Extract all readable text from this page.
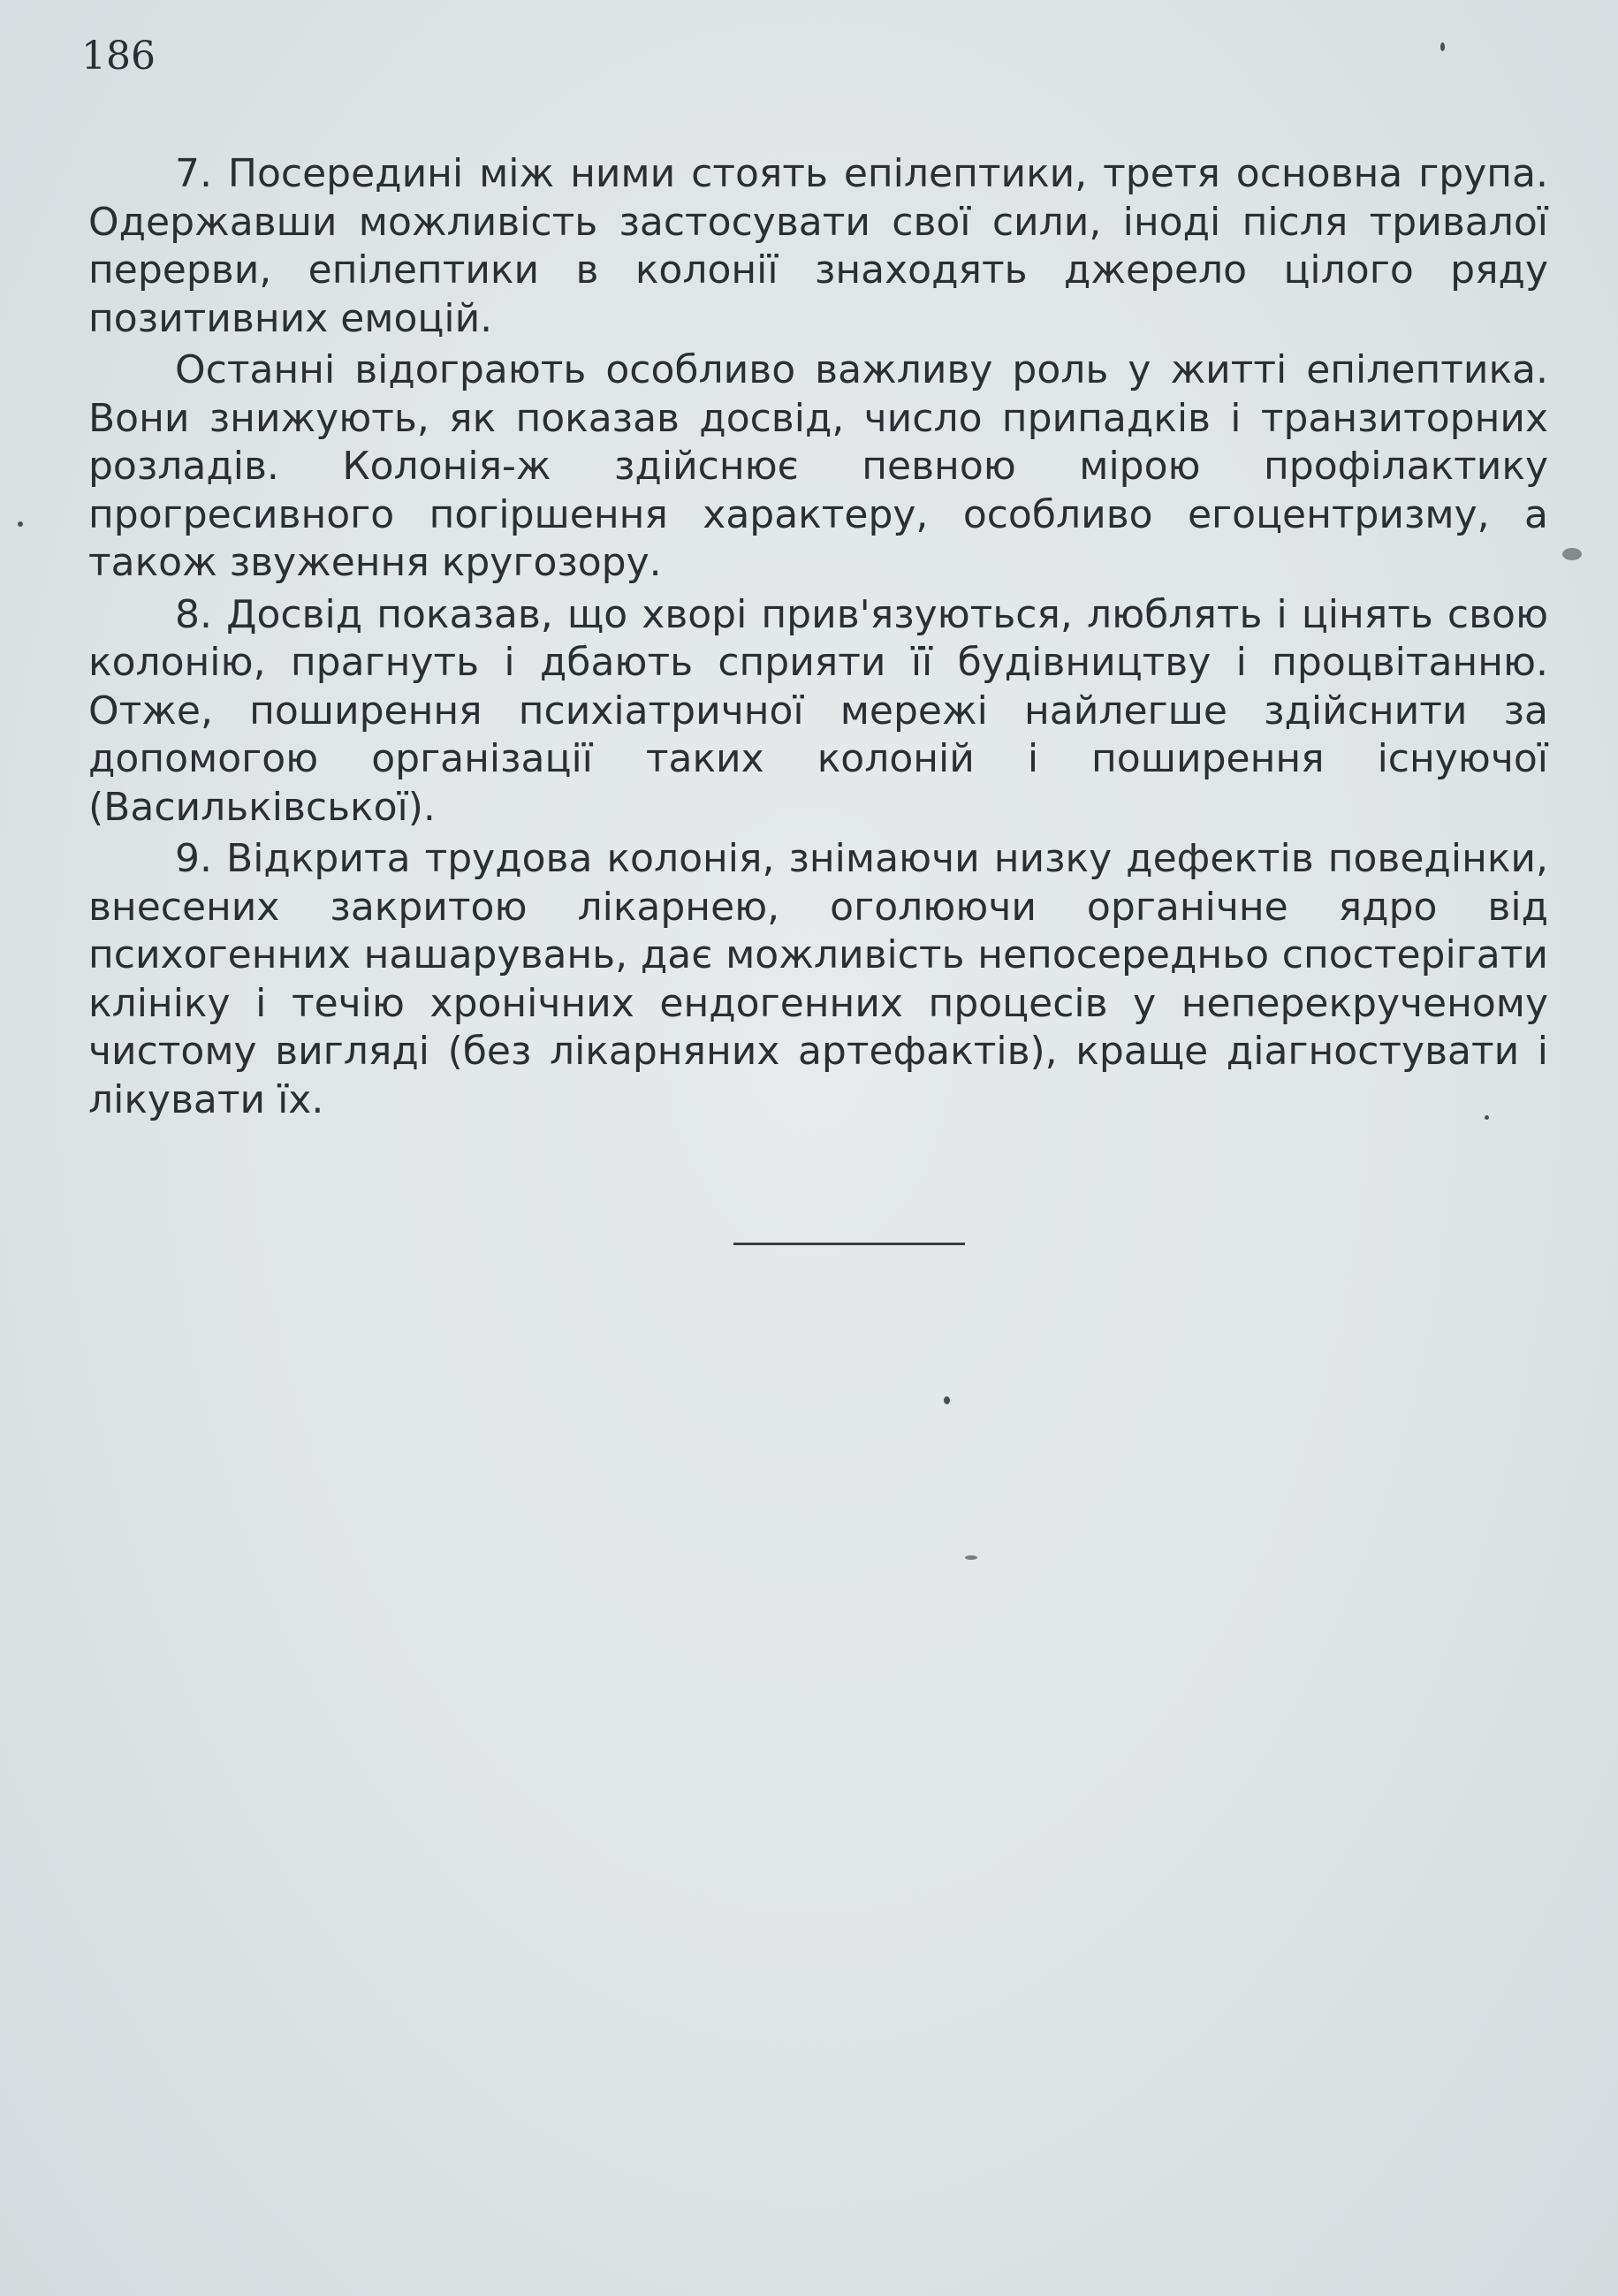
186

7. Посередині між ними стоять епілептики, третя основна група. Одержавши можливість застосувати свої сили, іноді після тривалої перерви, епілептики в колонії знаходять джерело цілого ряду позитивних емоцій.

Останні відограють особливо важливу роль у житті епілептика. Вони знижують, як показав досвід, число припадків і транзиторних розладів. Колонія-ж здійснює певною мірою профілактику прогресивного погіршення характеру, особливо егоцентризму, а також звуження кругозору.

8. Досвід показав, що хворі прив'язуються, люблять і цінять свою колонію, прагнуть і дбають сприяти її будівництву і процвітанню. Отже, поширення психіатричної мережі найлегше здійснити за допомогою організації таких колоній і поширення існуючої (Васильківської).

9. Відкрита трудова колонія, знімаючи низку дефектів поведінки, внесених закритою лікарнею, оголюючи органічне ядро від психогенних нашарувань, дає можливість непосередньо спостерігати клініку і течію хронічних ендогенних процесів у неперекрученому чистому вигляді (без лікарняних артефактів), краще діагностувати і лікувати їх.
